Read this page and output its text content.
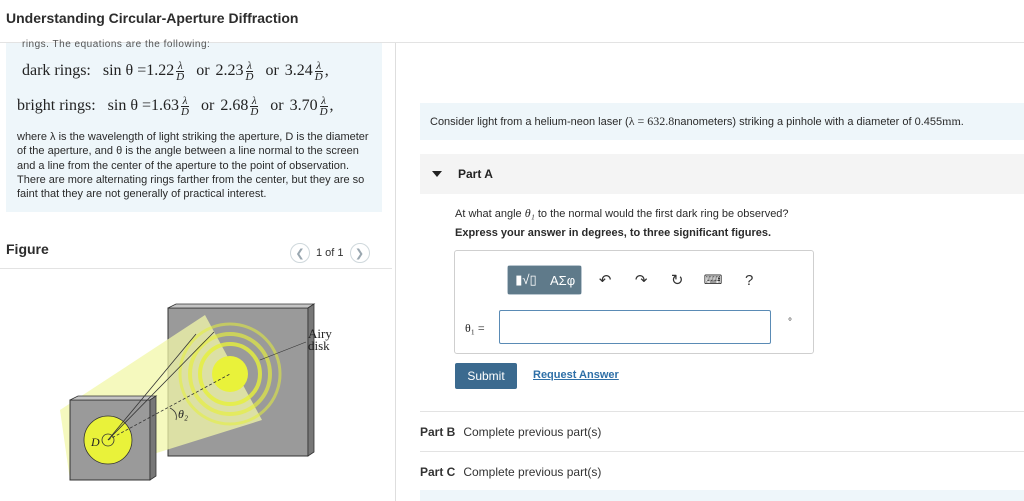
Understanding Circular-Aperture Diffraction
rings. The equations are the following:
dark rings: $\sin \theta =1.22 \frac{\lambda}{D}$ or $2.23 \frac{\lambda}{D}$ or $3.24 \frac{\lambda}{D}$ ,
bright rings: $\sin \theta =1.63 \frac{\lambda}{D}$ or $2.68 \frac{\lambda}{D}$ or $3.70 \frac{\lambda}{D}$ ,
where λ is the wavelength of light striking the aperture, D is the diameter of the aperture, and θ is the angle between a line normal to the screen and a line from the center of the aperture to the point of observation. There are more alternating rings farther from the center, but they are so faint that they are not generally of practical interest.
Figure	❮	1 of 1	❯
Airy
disk
θ₂
D
Consider light from a helium-neon laser ( λ = 632.8 nanometers) striking a pinhole with a diameter of 0.455 mm .
Part A
At what angle θ₁ to the normal would the first dark ring be observed?
Express your answer in degrees, to three significant figures.
▮√▯	ΑΣφ	↶	↷	↻	⌨	?
θ₁ =	°
Submit	Request Answer
Part B Complete previous part(s)
Part C Complete previous part(s)
